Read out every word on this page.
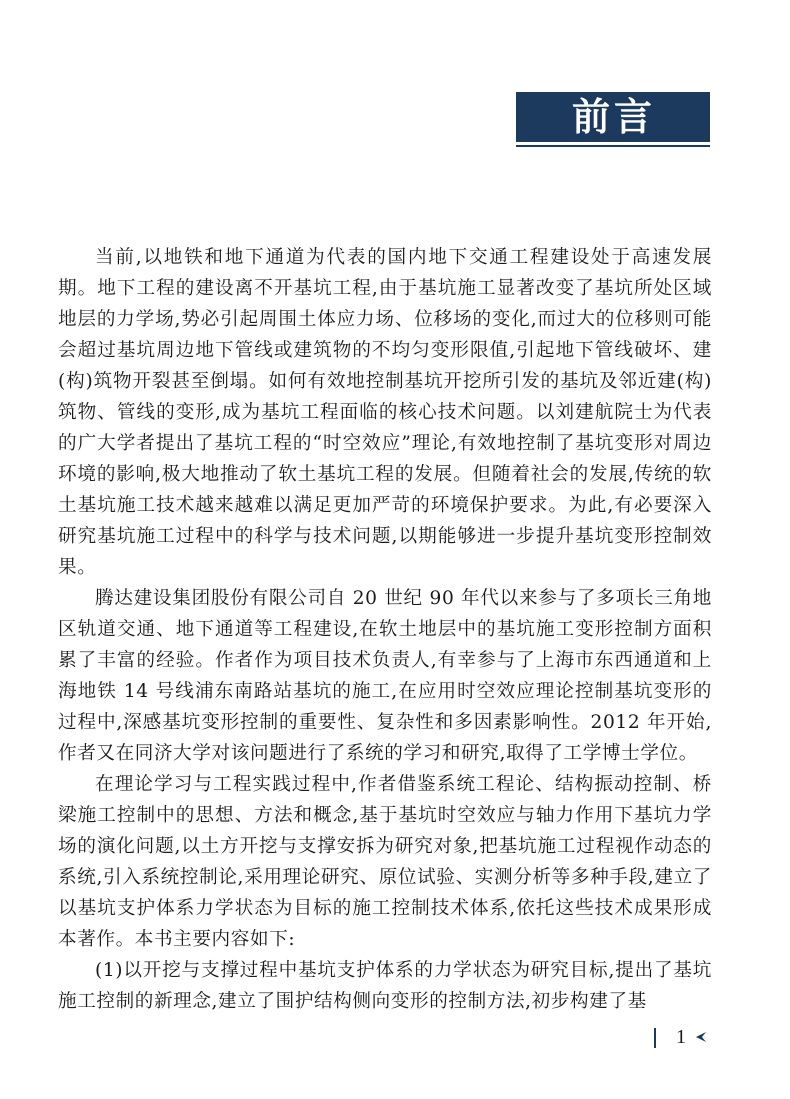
前言

当前,以地铁和地下通道为代表的国内地下交通工程建设处于高速发展期。地下工程的建设离不开基坑工程,由于基坑施工显著改变了基坑所处区域地层的力学场,势必引起周围土体应力场、位移场的变化,而过大的位移则可能会超过基坑周边地下管线或建筑物的不均匀变形限值,引起地下管线破坏、建(构)筑物开裂甚至倒塌。如何有效地控制基坑开挖所引发的基坑及邻近建(构)筑物、管线的变形,成为基坑工程面临的核心技术问题。以刘建航院士为代表的广大学者提出了基坑工程的“时空效应”理论,有效地控制了基坑变形对周边环境的影响,极大地推动了软土基坑工程的发展。但随着社会的发展,传统的软土基坑施工技术越来越难以满足更加严苛的环境保护要求。为此,有必要深入研究基坑施工过程中的科学与技术问题,以期能够进一步提升基坑变形控制效果。

腾达建设集团股份有限公司自 20 世纪 90 年代以来参与了多项长三角地区轨道交通、地下通道等工程建设,在软土地层中的基坑施工变形控制方面积累了丰富的经验。作者作为项目技术负责人,有幸参与了上海市东西通道和上海地铁 14 号线浦东南路站基坑的施工,在应用时空效应理论控制基坑变形的过程中,深感基坑变形控制的重要性、复杂性和多因素影响性。2012 年开始,作者又在同济大学对该问题进行了系统的学习和研究,取得了工学博士学位。

在理论学习与工程实践过程中,作者借鉴系统工程论、结构振动控制、桥梁施工控制中的思想、方法和概念,基于基坑时空效应与轴力作用下基坑力学场的演化问题,以土方开挖与支撑安拆为研究对象,把基坑施工过程视作动态的系统,引入系统控制论,采用理论研究、原位试验、实测分析等多种手段,建立了以基坑支护体系力学状态为目标的施工控制技术体系,依托这些技术成果形成本著作。本书主要内容如下:

(1)以开挖与支撑过程中基坑支护体系的力学状态为研究目标,提出了基坑施工控制的新理念,建立了围护结构侧向变形的控制方法,初步构建了基

1
